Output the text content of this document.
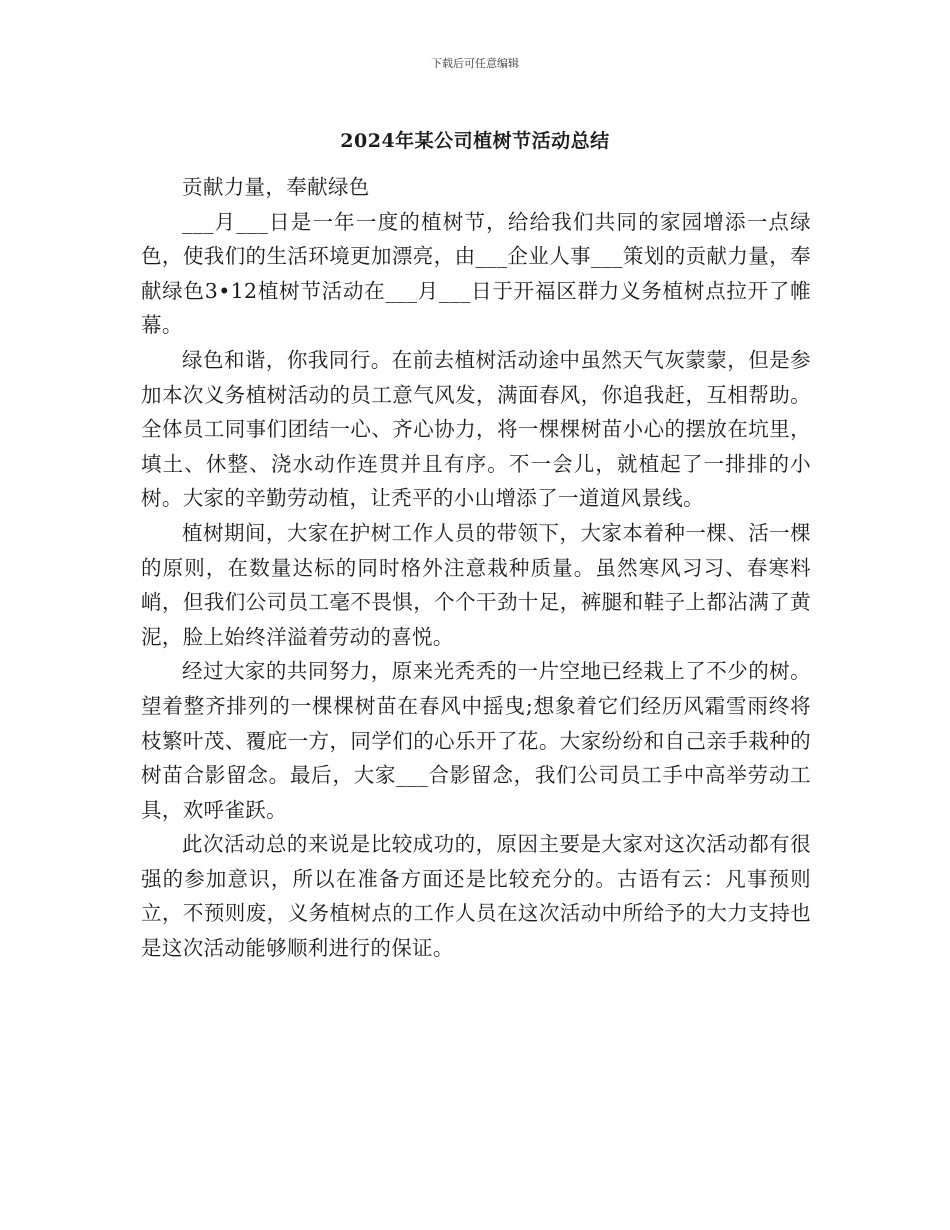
下载后可任意编辑
2024年某公司植树节活动总结

贡献力量，奉献绿色

___月___日是一年一度的植树节，给给我们共同的家园增添一点绿色，使我们的生活环境更加漂亮，由___企业人事___策划的贡献力量，奉献绿色3•12植树节活动在___月___日于开福区群力义务植树点拉开了帷幕。

绿色和谐，你我同行。在前去植树活动途中虽然天气灰蒙蒙，但是参加本次义务植树活动的员工意气风发，满面春风，你追我赶，互相帮助。全体员工同事们团结一心、齐心协力，将一棵棵树苗小心的摆放在坑里，填土、休整、浇水动作连贯并且有序。不一会儿，就植起了一排排的小树。大家的辛勤劳动植，让秃平的小山增添了一道道风景线。

植树期间，大家在护树工作人员的带领下，大家本着种一棵、活一棵的原则，在数量达标的同时格外注意栽种质量。虽然寒风习习、春寒料峭，但我们公司员工毫不畏惧，个个干劲十足，裤腿和鞋子上都沾满了黄泥，脸上始终洋溢着劳动的喜悦。

经过大家的共同努力，原来光秃秃的一片空地已经栽上了不少的树。望着整齐排列的一棵棵树苗在春风中摇曳;想象着它们经历风霜雪雨终将枝繁叶茂、覆庇一方，同学们的心乐开了花。大家纷纷和自己亲手栽种的树苗合影留念。最后，大家___合影留念，我们公司员工手中高举劳动工具，欢呼雀跃。

此次活动总的来说是比较成功的，原因主要是大家对这次活动都有很强的参加意识，所以在准备方面还是比较充分的。古语有云：凡事预则立，不预则废，义务植树点的工作人员在这次活动中所给予的大力支持也是这次活动能够顺利进行的保证。
